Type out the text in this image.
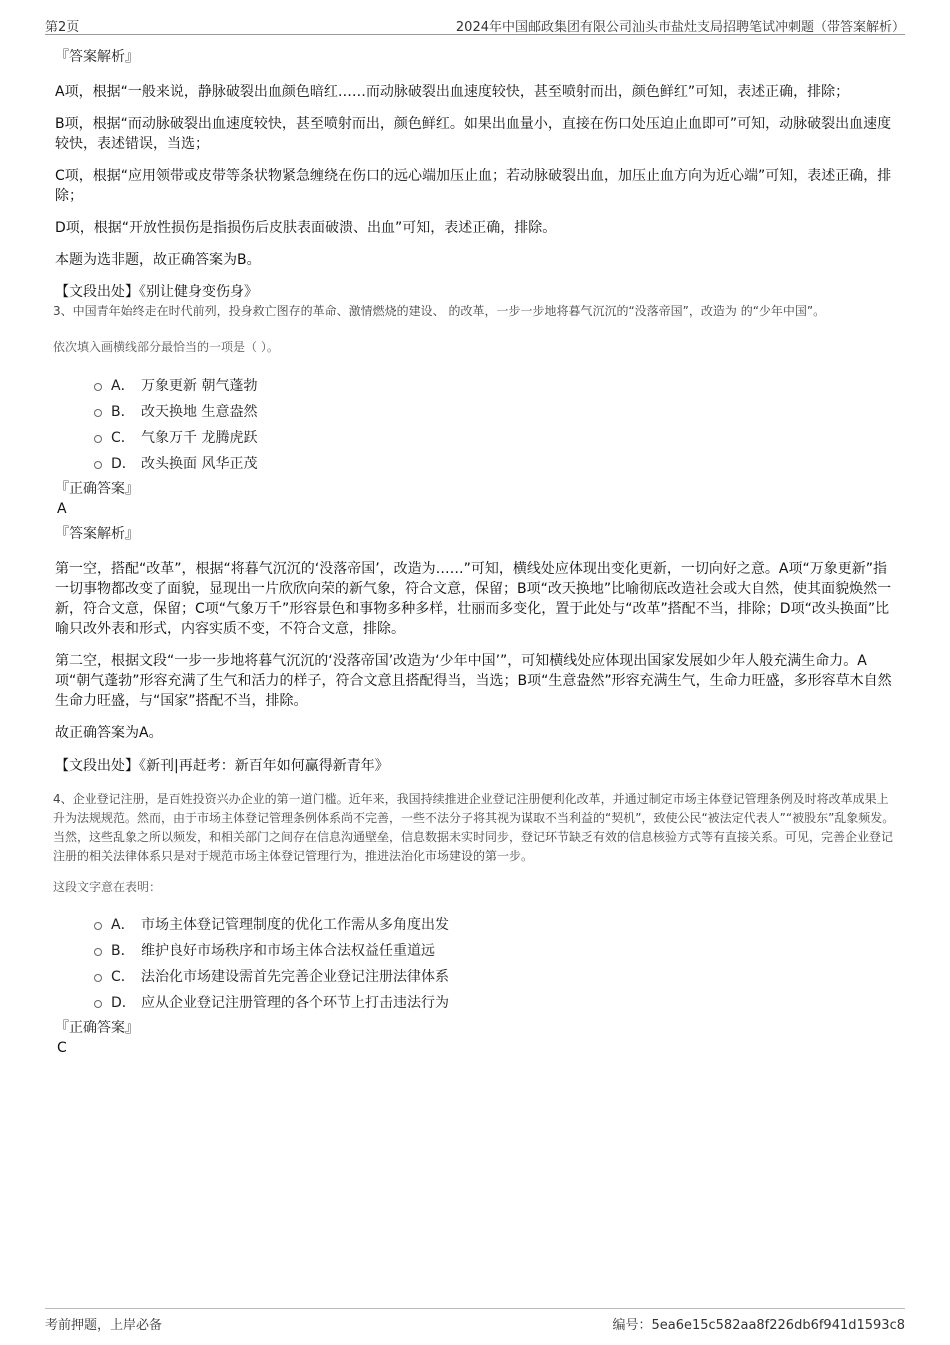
第2页	2024年中国邮政集团有限公司汕头市盐灶支局招聘笔试冲刺题（带答案解析）
『答案解析』

A项，根据“一般来说，静脉破裂出血颜色暗红……而动脉破裂出血速度较快，甚至喷射而出，颜色鲜红”可知，表述正确，排除；

B项，根据“而动脉破裂出血速度较快，甚至喷射而出，颜色鲜红。如果出血量小，直接在伤口处压迫止血即可”可知，动脉破裂出血速度较快，表述错误，当选；

C项，根据“应用领带或皮带等条状物紧急缠绕在伤口的远心端加压止血；若动脉破裂出血，加压止血方向为近心端”可知，表述正确，排除；

D项，根据“开放性损伤是指损伤后皮肤表面破溃、出血”可知，表述正确，排除。

本题为选非题，故正确答案为B。

【文段出处】《别让健身变伤身》

3、中国青年始终走在时代前列，投身救亡图存的革命、激情燃烧的建设、 的改革，一步一步地将暮气沉沉的“没落帝国”，改造为 的“少年中国”。

依次填入画横线部分最恰当的一项是（ ）。

A． 万象更新 朝气蓬勃
B． 改天换地 生意盎然
C． 气象万千 龙腾虎跃
D． 改头换面 风华正茂
『正确答案』
A
『答案解析』

第一空，搭配“改革”，根据“将暮气沉沉的‘没落帝国’，改造为……”可知，横线处应体现出变化更新，一切向好之意。A项“万象更新”指一切事物都改变了面貌，显现出一片欣欣向荣的新气象，符合文意，保留；B项“改天换地”比喻彻底改造社会或大自然，使其面貌焕然一新，符合文意，保留；C项“气象万千”形容景色和事物多种多样，壮丽而多变化，置于此处与“改革”搭配不当，排除；D项“改头换面”比喻只改外表和形式，内容实质不变，不符合文意，排除。

第二空，根据文段“一步一步地将暮气沉沉的‘没落帝国’改造为‘少年中国’”，可知横线处应体现出国家发展如少年人般充满生命力。A项“朝气蓬勃”形容充满了生气和活力的样子，符合文意且搭配得当，当选；B项“生意盎然”形容充满生气，生命力旺盛，多形容草木自然生命力旺盛，与“国家”搭配不当，排除。

故正确答案为A。

【文段出处】《新刊|再赶考：新百年如何赢得新青年》

4、企业登记注册，是百姓投资兴办企业的第一道门槛。近年来，我国持续推进企业登记注册便利化改革，并通过制定市场主体登记管理条例及时将改革成果上升为法规规范。然而，由于市场主体登记管理条例体系尚不完善，一些不法分子将其视为谋取不当利益的“契机”，致使公民“被法定代表人”“被股东”乱象频发。当然，这些乱象之所以频发，和相关部门之间存在信息沟通壁垒，信息数据未实时同步，登记环节缺乏有效的信息核验方式等有直接关系。可见，完善企业登记注册的相关法律体系只是对于规范市场主体登记管理行为，推进法治化市场建设的第一步。

这段文字意在表明：

A． 市场主体登记管理制度的优化工作需从多角度出发
B． 维护良好市场秩序和市场主体合法权益任重道远
C． 法治化市场建设需首先完善企业登记注册法律体系
D． 应从企业登记注册管理的各个环节上打击违法行为
『正确答案』
C
考前押题，上岸必备	编号：5ea6e15c582aa8f226db6f941d1593c8
